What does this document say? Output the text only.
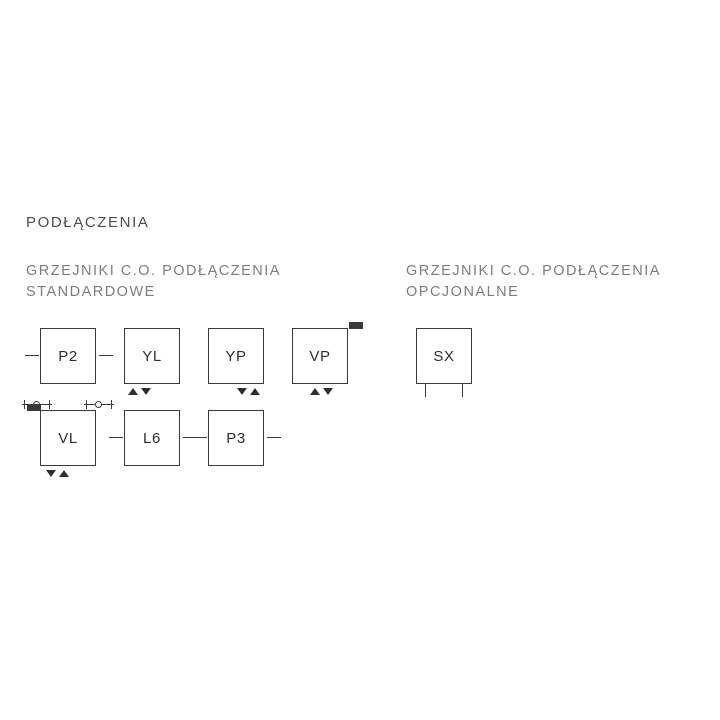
PODŁĄCZENIA
GRZEJNIKI C.O. PODŁĄCZENIA STANDARDOWE
GRZEJNIKI C.O. PODŁĄCZENIA OPCJONALNE
P2	YL	YP	VP	SX
VL	L6	P3
